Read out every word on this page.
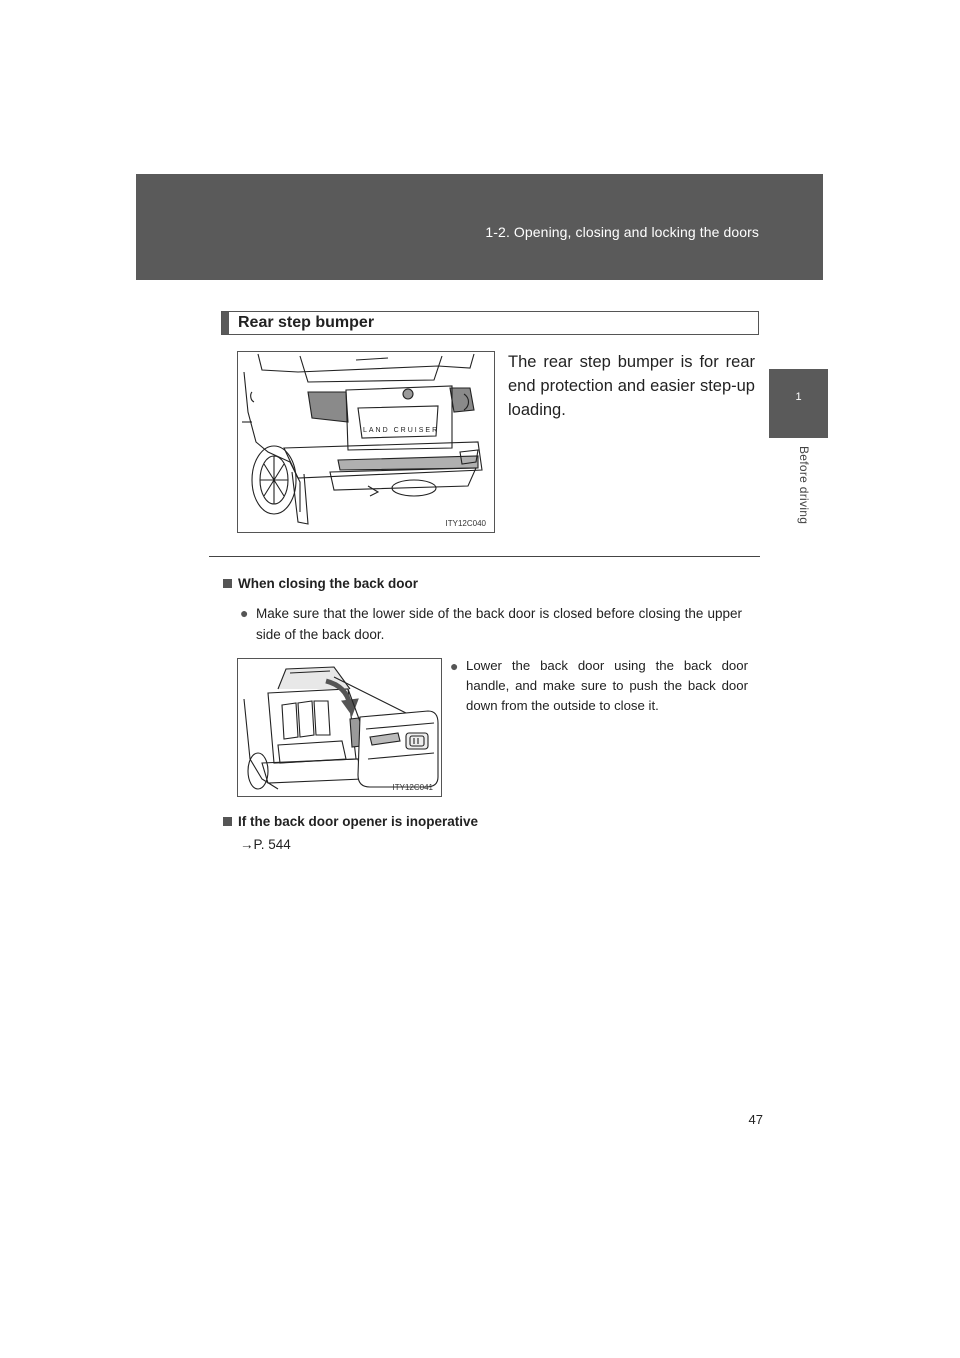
1-2. Opening, closing and locking the doors
1
Before driving
Rear step bumper
LAND CRUISER
ITY12C040
The rear step bumper is for rear end protection and easier step-up loading.
When closing the back door
● Make sure that the lower side of the back door is closed before closing the upper side of the back door.
ITY12C041
● Lower the back door using the back door handle, and make sure to push the back door down from the outside to close it.
If the back door opener is inoperative
→P. 544
47
